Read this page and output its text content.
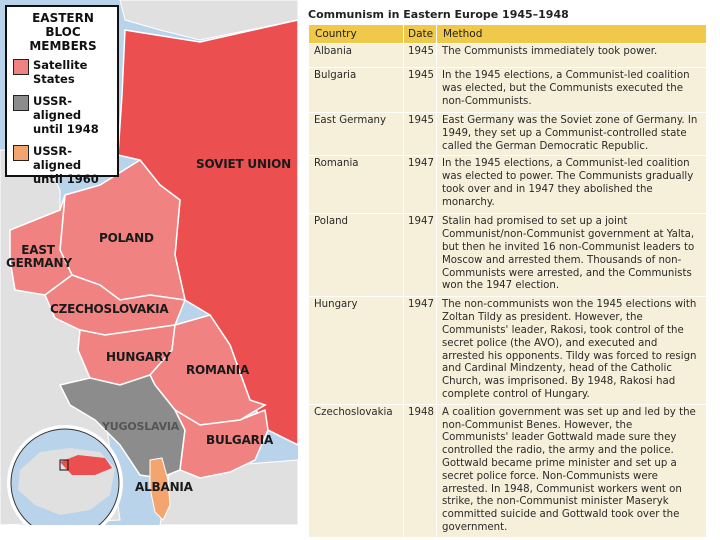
EASTERN BLOC MEMBERS
Satellite States
USSR-aligned until 1948
USSR-aligned until 1960
SOVIET UNION
POLAND
EAST GERMANY
CZECHOSLOVAKIA
HUNGARY
ROMANIA
YUGOSLAVIA
BULGARIA
ALBANIA
Communism in Eastern Europe 1945–1948
Country	Date	Method
Albania	1945	The Communists immediately took power.
Bulgaria	1945	In the 1945 elections, a Communist-led coalition was elected, but the Communists executed the non-Communists.
East Germany	1945	East Germany was the Soviet zone of Germany. In 1949, they set up a Communist-controlled state called the German Democratic Republic.
Romania	1947	In the 1945 elections, a Communist-led coalition was elected to power. The Communists gradually took over and in 1947 they abolished the monarchy.
Poland	1947	Stalin had promised to set up a joint Communist/non-Communist government at Yalta, but then he invited 16 non-Communist leaders to Moscow and arrested them. Thousands of non-Communists were arrested, and the Communists won the 1947 election.
Hungary	1947	The non-communists won the 1945 elections with Zoltan Tildy as president. However, the Communists' leader, Rakosi, took control of the secret police (the AVO), and executed and arrested his opponents. Tildy was forced to resign and Cardinal Mindzenty, head of the Catholic Church, was imprisoned. By 1948, Rakosi had complete control of Hungary.
Czechoslovakia	1948	A coalition government was set up and led by the non-Communist Benes. However, the Communists' leader Gottwald made sure they controlled the radio, the army and the police. Gottwald became prime minister and set up a secret police force. Non-Communists were arrested. In 1948, Communist workers went on strike, the non-Communist minister Maseryk committed suicide and Gottwald took over the government.
